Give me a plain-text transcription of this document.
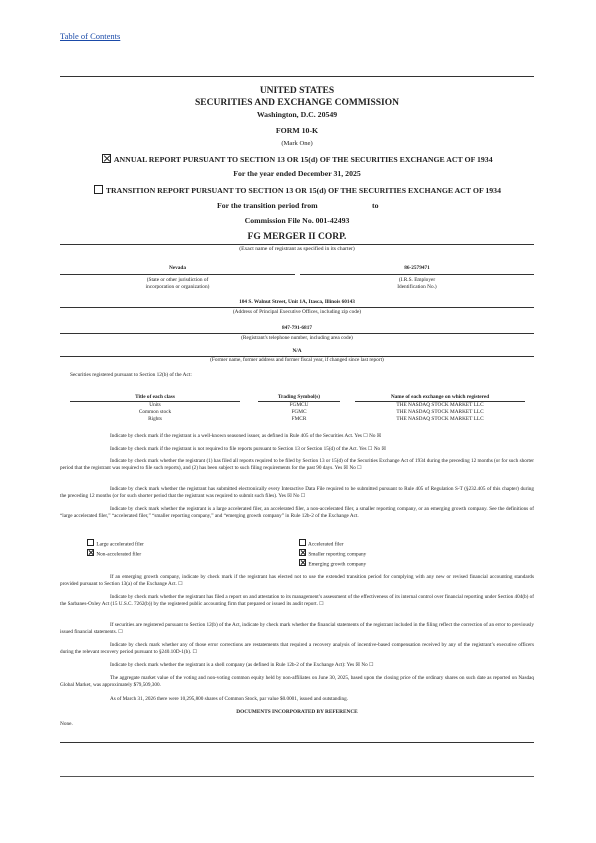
Table of Contents
UNITED STATES
SECURITIES AND EXCHANGE COMMISSION
Washington, D.C. 20549
FORM 10-K
(Mark One)
ANNUAL REPORT PURSUANT TO SECTION 13 OR 15(d) OF THE SECURITIES EXCHANGE ACT OF 1934
For the year ended December 31, 2025
TRANSITION REPORT PURSUANT TO SECTION 13 OR 15(d) OF THE SECURITIES EXCHANGE ACT OF 1934
For the transition period from	to
Commission File No. 001-42493
FG MERGER II CORP.
(Exact name of registrant as specified in its charter)
Nevada	86-2579471
(State or other jurisdiction of
incorporation or organization)
(I.R.S. Employer
Identification No.)
104 S. Walnut Street, Unit 1A, Itasca, Illinois 60143
(Address of Principal Executive Offices, including zip code)
847-791-6817
(Registrant's telephone number, including area code)
N/A
(Former name, former address and former fiscal year, if changed since last report)
Securities registered pursuant to Section 12(b) of the Act:
Title of each class	Trading Symbol(s)	Name of each exchange on which registered
Units	FGMCU	THE NASDAQ STOCK MARKET LLC
Common stock	FGMC	THE NASDAQ STOCK MARKET LLC
Rights	FMCR	THE NASDAQ STOCK MARKET LLC
Indicate by check mark if the registrant is a well-known seasoned issuer, as defined in Rule 405 of the Securities Act. Yes ☐ No ☒
Indicate by check mark if the registrant is not required to file reports pursuant to Section 13 or Section 15(d) of the Act. Yes ☐ No ☒
Indicate by check mark whether the registrant (1) has filed all reports required to be filed by Section 13 or 15(d) of the Securities Exchange Act of 1934 during the preceding 12 months (or for such shorter period that the registrant was required to file such reports), and (2) has been subject to such filing requirements for the past 90 days. Yes ☒ No ☐
Indicate by check mark whether the registrant has submitted electronically every Interactive Data File required to be submitted pursuant to Rule 405 of Regulation S-T (§232.405 of this chapter) during the preceding 12 months (or for such shorter period that the registrant was required to submit such files). Yes ☒ No ☐
Indicate by check mark whether the registrant is a large accelerated filer, an accelerated filer, a non-accelerated filer, a smaller reporting company, or an emerging growth company. See the definitions of “large accelerated filer,” “accelerated filer,” “smaller reporting company,” and “emerging growth company” in Rule 12b-2 of the Exchange Act.
Large accelerated filer	Accelerated filer
Non-accelerated filer	Smaller reporting company
Emerging growth company
If an emerging growth company, indicate by check mark if the registrant has elected not to use the extended transition period for complying with any new or revised financial accounting standards provided pursuant to Section 13(a) of the Exchange Act. ☐
Indicate by check mark whether the registrant has filed a report on and attestation to its management’s assessment of the effectiveness of its internal control over financial reporting under Section 404(b) of the Sarbanes-Oxley Act (15 U.S.C. 7262(b)) by the registered public accounting firm that prepared or issued its audit report. ☐
If securities are registered pursuant to Section 12(b) of the Act, indicate by check mark whether the financial statements of the registrant included in the filing reflect the correction of an error to previously issued financial statements. ☐
Indicate by check mark whether any of those error corrections are restatements that required a recovery analysis of incentive-based compensation received by any of the registrant’s executive officers during the relevant recovery period pursuant to §240.10D-1(b). ☐
Indicate by check mark whether the registrant is a shell company (as defined in Rule 12b-2 of the Exchange Act): Yes ☒ No ☐
The aggregate market value of the voting and non-voting common equity held by non-affiliates on June 30, 2025, based upon the closing price of the ordinary shares on such date as reported on Nasdaq Global Market, was approximately $79,509,300.
As of March 31, 2026 there were 10,295,800 shares of Common Stock, par value $0.0001, issued and outstanding.
DOCUMENTS INCORPORATED BY REFERENCE
None.
